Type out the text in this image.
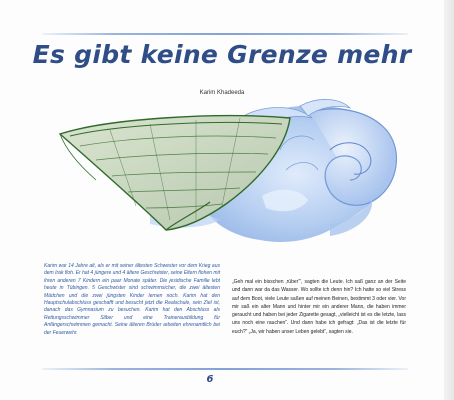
Es gibt keine Grenze mehr
Karim Khadeeda

Karim war 14 Jahre alt, als er mit seiner ältesten Schwester vor dem Krieg aus dem Irak floh. Er hat 4 jüngere und 4 ältere Geschwister, seine Eltern flohen mit ihren anderen 7 Kindern ein paar Monate später. Die jesidische Familie lebt heute in Tübingen. 5 Geschwister sind schwimmsicher, die zwei ältesten Mädchen und die zwei jüngsten Kinder lernen noch. Karim hat den Hauptschulabschluss geschafft und besucht jetzt die Realschule, sein Ziel ist, danach das Gymnasium zu besuchen. Karim hat den Abschluss als Rettungsschwimmer Silber und eine Trainerausbildung für Anfängerschwimmen gemacht. Seine älteren Brüder arbeiten ehrenamtlich bei der Feuerwehr.

„Geh mal ein bisschen ‚rüber‘“, sagten die Leute. Ich saß ganz an der Seite und dann war da das Wasser. Wo sollte ich denn hin? Ich hatte so viel Stress auf dem Boot, viele Leute saßen auf meinen Beinen, bestimmt 3 oder vier. Vor mir saß ein alter Mann und hinter mir ein anderer Mann, die haben immer geraucht und haben bei jeder Zigarette gesagt, „vielleicht ist es die letzte, lass uns noch eine rauchen“. Und dann habe ich gefragt: „Das ist die letzte für euch?“ „Ja, wir haben unser Leben gelebt“, sagten sie.

6
